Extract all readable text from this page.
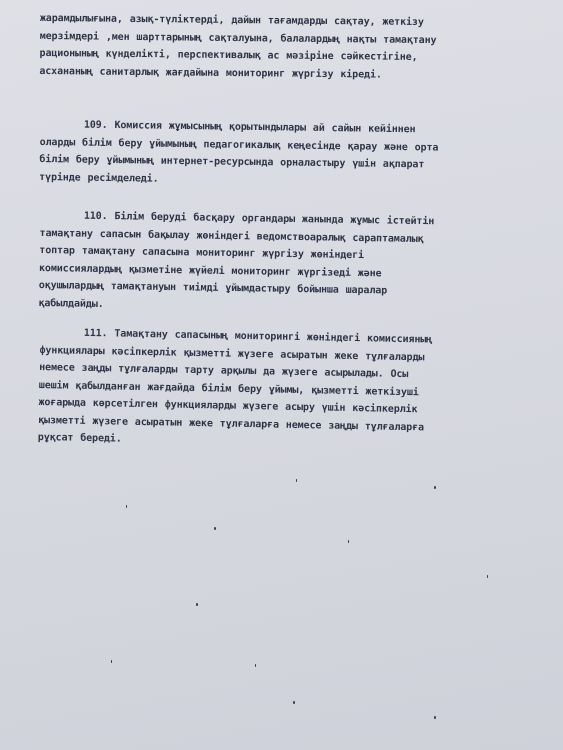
жарамдылығына, азық-түліктерді, дайын тағамдарды сақтау, жеткізу
мерзімдері ,мен шарттарының сақталуына, балалардың нақты тамақтану
рационының күнделікті, перспективалық ас мәзіріне сәйкестігіне,
асхананың санитарлық жағдайына мониторинг жүргізу кіреді.

109. Комиссия жұмысының қорытындылары ай сайын кейіннен
оларды білім беру ұйымының педагогикалық кеңесінде қарау және орта
білім беру ұйымының интернет-ресурсында орналастыру үшін ақпарат
түрінде ресімделеді.

110. Білім беруді басқару органдары жанында жұмыс істейтін
тамақтану сапасын бақылау жөніндегі ведомствоаралық сараптамалық
топтар тамақтану сапасына мониторинг жүргізу жөніндегі
комиссиялардың қызметіне жүйелі мониторинг жүргізеді және
оқушылардың тамақтануын тиімді ұйымдастыру бойынша шаралар
қабылдайды.

111. Тамақтану сапасының мониторингі жөніндегі комиссияның
функциялары кәсіпкерлік қызметті жүзеге асыратын жеке тұлғаларды
немесе заңды тұлғаларды тарту арқылы да жүзеге асырылады. Осы
шешім қабылданған жағдайда білім беру ұйымы, қызметті жеткізуші
жоғарыда көрсетілген функцияларды жүзеге асыру үшін кәсіпкерлік
қызметті жүзеге асыратын жеке тұлғаларға немесе заңды тұлғаларға
рұқсат береді.
